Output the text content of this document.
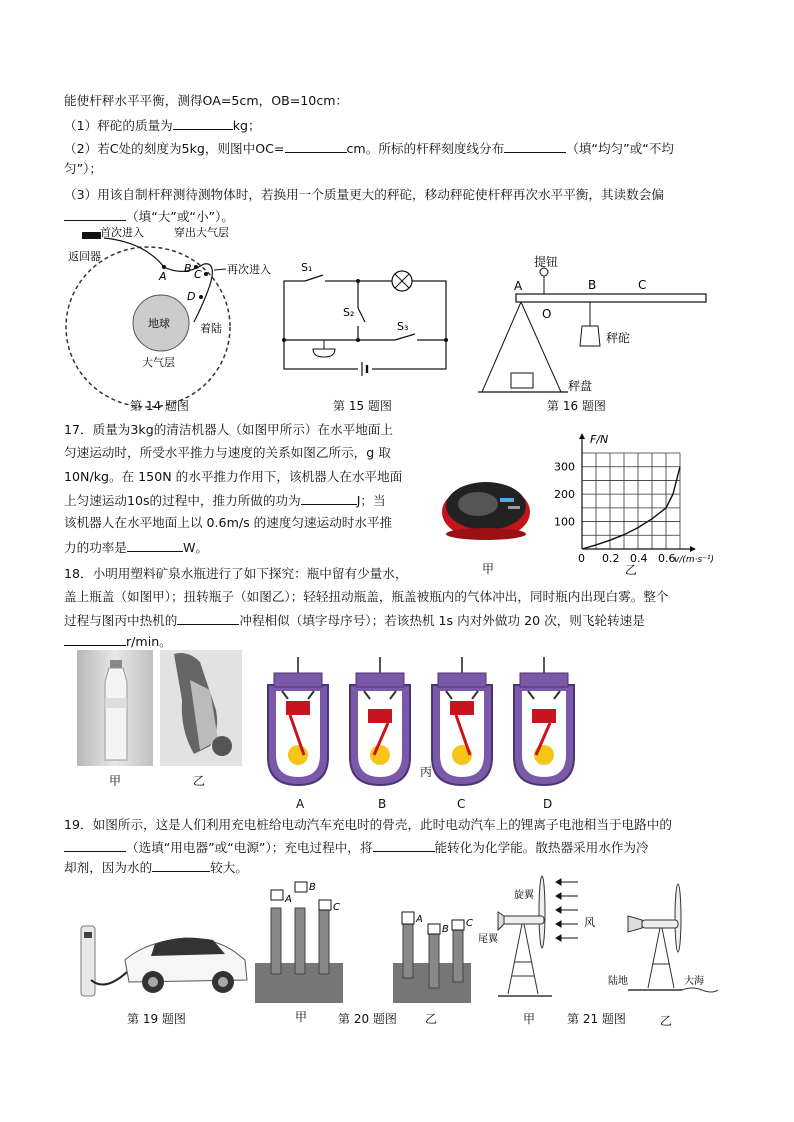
能使杆秤水平平衡，测得OA=5cm，OB=10cm：
（1）秤砣的质量为	kg；
（2）若C处的刻度为5kg，则图中OC=	cm。所标的杆秤刻度线分布	（填“均匀”或“不均
匀”）；
（3）用该自制杆秤测待测物体时，若换用一个质量更大的秤砣，移动秤砣使杆秤再次水平平衡，其读数会偏
（填“大”或“小”）。
首次进入	穿出大气层
返回器
再次进入
A
B C
D
地球	着陆
大气层
第 14 题图
S₁
S₂
S₃
第 15 题图
提钮
A	B	C
O
秤砣
秤盘
第 16 题图
17．质量为3kg的清洁机器人（如图甲所示）在水平地面上
匀速运动时，所受水平推力与速度的关系如图乙所示，g 取
10N/kg。在 150N 的水平推力作用下，该机器人在水平地面
上匀速运动10s的过程中，推力所做的功为	J；当
该机器人在水平地面上以 0.6m/s 的速度匀速运动时水平推
力的功率是	W。
甲
0 0.2 0.4 0.6
100
200
300
F/N
v/(m·s⁻¹)
乙
18．小明用塑料矿泉水瓶进行了如下探究：瓶中留有少量水，
盖上瓶盖（如图甲）；扭转瓶子（如图乙）；轻轻扭动瓶盖，瓶盖被瓶内的气体冲出，同时瓶内出现白雾。整个
过程与图丙中热机的	冲程相似（填字母序号）；若该热机 1s 内对外做功 20 次，则飞轮转速是
r/min。
甲	乙
A	B
丙
C	D
19．如图所示，这是人们利用充电桩给电动汽车充电时的骨壳，此时电动汽车上的锂离子电池相当于电路中的
（选填“用电器”或“电源”）；充电过程中，将	能转化为化学能。散热器采用水作为冷
却剂，因为水的	较大。
第 19 题图
A
B
C
A
B
C
甲	第 20 题图 乙
旋翼
尾翼
风
陆地	大海
甲	第 21 题图	乙
